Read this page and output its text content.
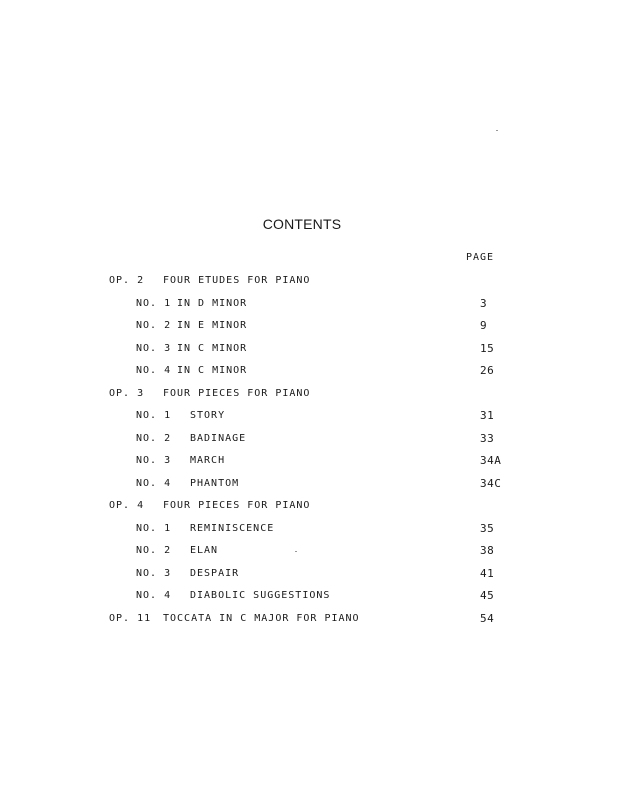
CONTENTS
PAGE
OP. 2 FOUR ETUDES FOR PIANO
NO. 1 IN D MINOR	3
NO. 2 IN E MINOR	9
NO. 3 IN C MINOR	15
NO. 4 IN C MINOR	26
OP. 3 FOUR PIECES FOR PIANO
NO. 1 STORY	31
NO. 2 BADINAGE	33
NO. 3 MARCH	34A
NO. 4 PHANTOM	34C
OP. 4 FOUR PIECES FOR PIANO
NO. 1 REMINISCENCE	35
NO. 2 ELAN	38
NO. 3 DESPAIR	41
NO. 4 DIABOLIC SUGGESTIONS	45
OP. 11 TOCCATA IN C MAJOR FOR PIANO	54
